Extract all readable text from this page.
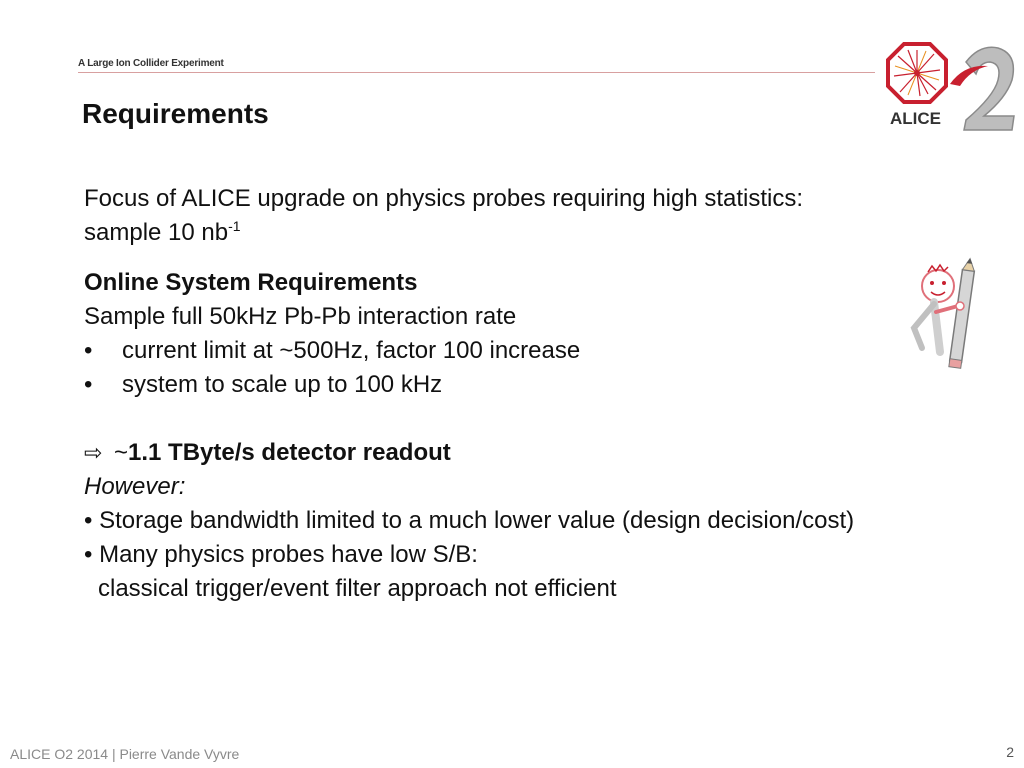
A Large Ion Collider Experiment
Requirements	ALICE

Focus of ALICE upgrade on physics probes requiring high statistics:

sample 10 $nb^{-1}$

Online System Requirements

Sample full 50kHz Pb-Pb interaction rate

•	current limit at ~500Hz, factor 100 increase
•	system to scale up to 100 kHz

⇨ ~1.1 TByte/s detector readout

However:

• Storage bandwidth limited to a much lower value (design decision/cost)

• Many physics probes have low S/B:

classical trigger/event filter approach not efficient

ALICE O2 2014 | Pierre Vande Vyvre	2
